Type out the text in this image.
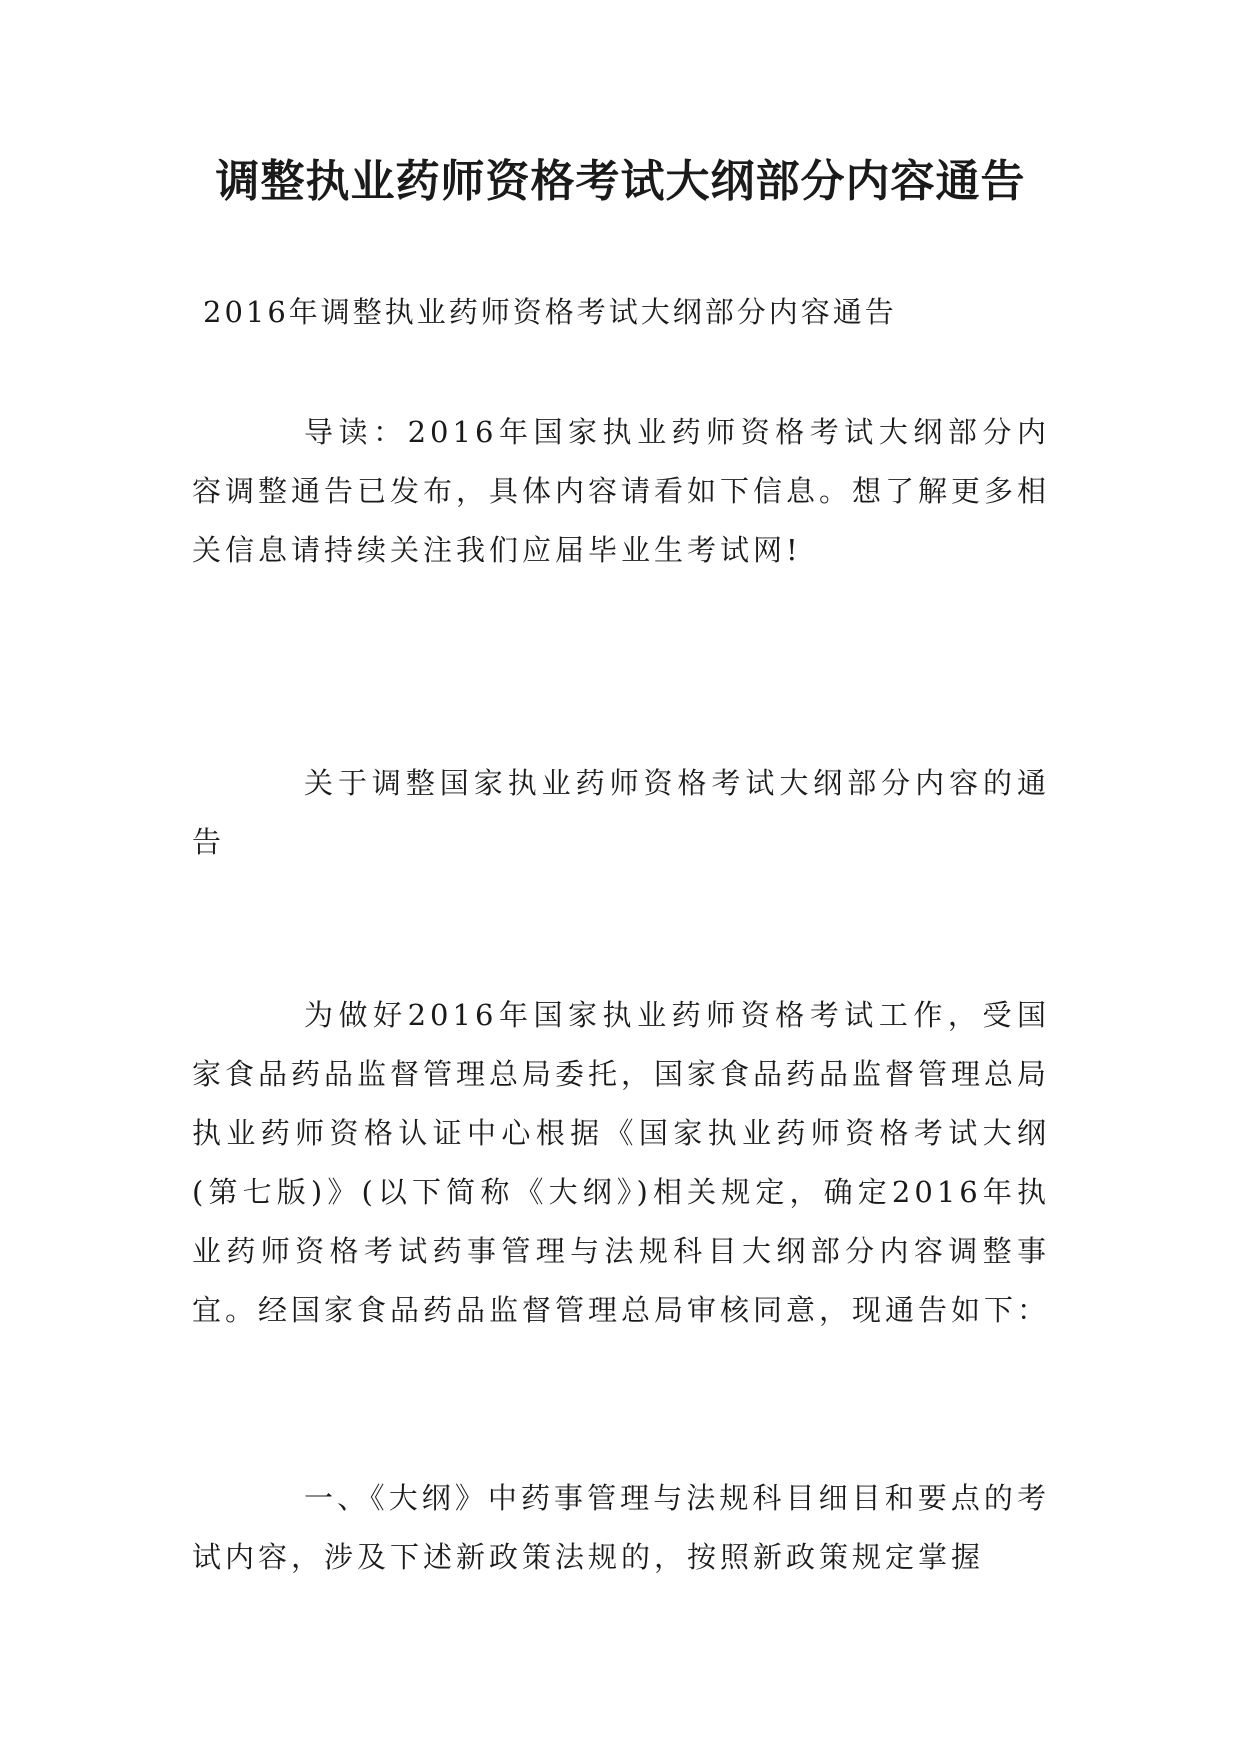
调整执业药师资格考试大纲部分内容通告

2016年调整执业药师资格考试大纲部分内容通告

导读：2016年国家执业药师资格考试大纲部分内容调整通告已发布，具体内容请看如下信息。想了解更多相关信息请持续关注我们应届毕业生考试网!

关于调整国家执业药师资格考试大纲部分内容的通告

为做好2016年国家执业药师资格考试工作，受国家食品药品监督管理总局委托，国家食品药品监督管理总局执业药师资格认证中心根据《国家执业药师资格考试大纲(第七版)》(以下简称《大纲》)相关规定，确定2016年执业药师资格考试药事管理与法规科目大纲部分内容调整事宜。经国家食品药品监督管理总局审核同意，现通告如下：

一、《大纲》中药事管理与法规科目细目和要点的考试内容，涉及下述新政策法规的，按照新政策规定掌握
